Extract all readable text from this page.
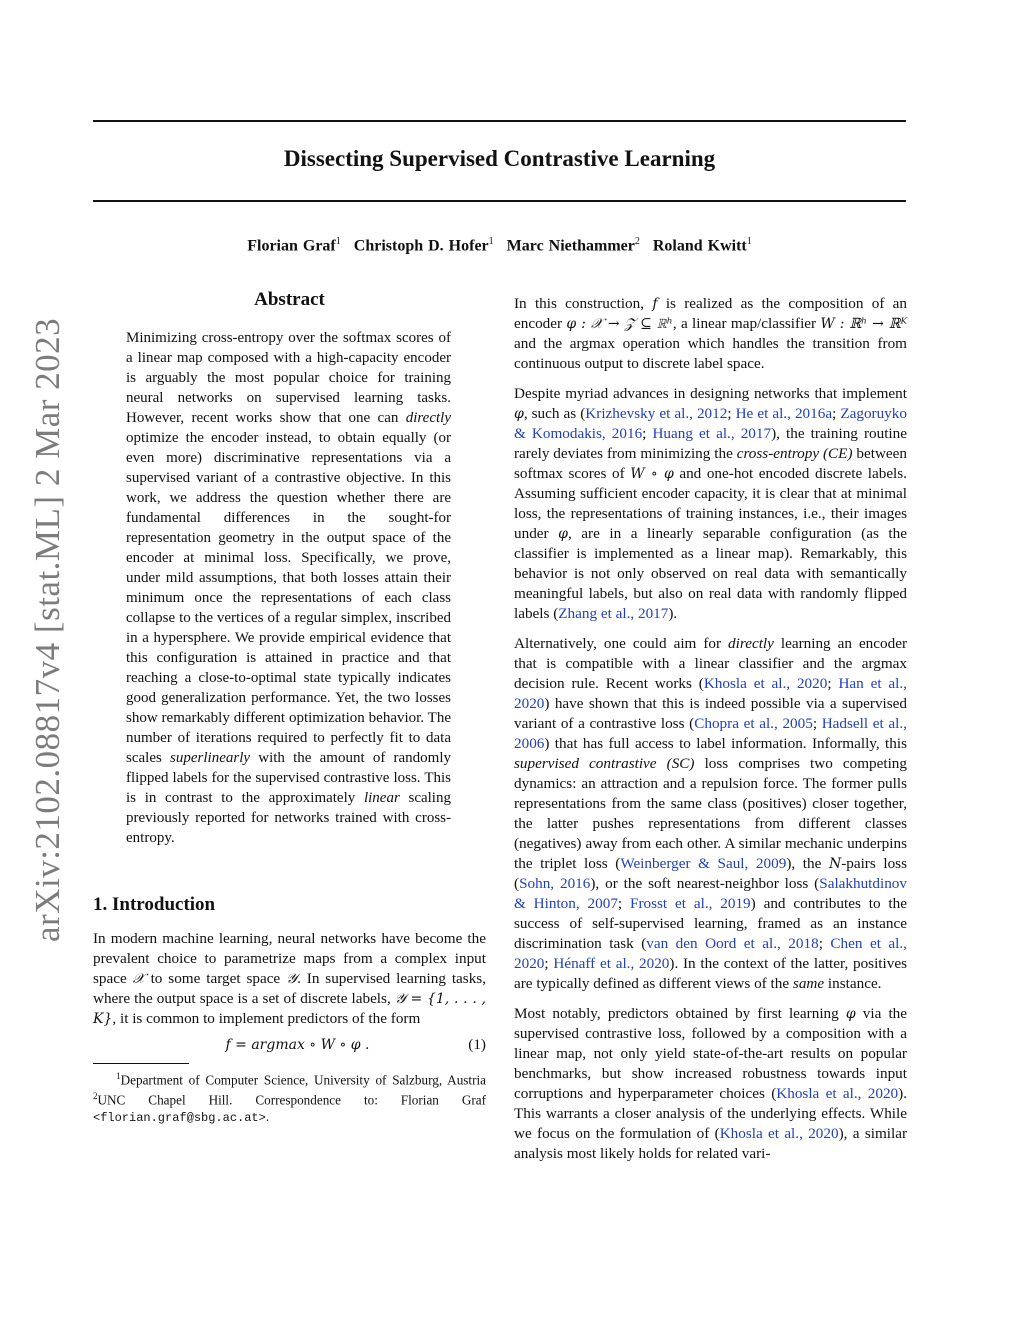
Dissecting Supervised Contrastive Learning
Florian Graf$^1$ Christoph D. Hofer$^1$ Marc Niethammer$^2$ Roland Kwitt$^1$
arXiv:2102.08817v4 [stat.ML] 2 Mar 2023
Abstract

Minimizing cross-entropy over the softmax scores of a linear map composed with a high-capacity encoder is arguably the most popular choice for training neural networks on supervised learning tasks. However, recent works show that one can directly optimize the encoder instead, to obtain equally (or even more) discriminative representations via a supervised variant of a contrastive objective. In this work, we address the question whether there are fundamental differences in the sought-for representation geometry in the output space of the encoder at minimal loss. Specifically, we prove, under mild assumptions, that both losses attain their minimum once the representations of each class collapse to the vertices of a regular simplex, inscribed in a hypersphere. We provide empirical evidence that this configuration is attained in practice and that reaching a close-to-optimal state typically indicates good generalization performance. Yet, the two losses show remarkably different optimization behavior. The number of iterations required to perfectly fit to data scales superlinearly with the amount of randomly flipped labels for the supervised contrastive loss. This is in contrast to the approximately linear scaling previously reported for networks trained with cross-entropy.

1. Introduction

In modern machine learning, neural networks have become the prevalent choice to parametrize maps from a complex input space 𝒳 to some target space 𝒴. In supervised learning tasks, where the output space is a set of discrete labels, 𝒴 = {1, . . . , K}, it is common to implement predictors of the form

f = argmax ∘ W ∘ φ .	(1)

$^1$Department of Computer Science, University of Salzburg, Austria $^2$UNC Chapel Hill. Correspondence to: Florian Graf <florian.graf@sbg.ac.at>.

In this construction, f is realized as the composition of an encoder φ : 𝒳 → 𝒵 ⊆ ℝʰ, a linear map/classifier W : ℝʰ → ℝᴷ and the argmax operation which handles the transition from continuous output to discrete label space.

Despite myriad advances in designing networks that implement φ, such as (Krizhevsky et al., 2012; He et al., 2016a; Zagoruyko & Komodakis, 2016; Huang et al., 2017), the training routine rarely deviates from minimizing the cross-entropy (CE) between softmax scores of W ∘ φ and one-hot encoded discrete labels. Assuming sufficient encoder capacity, it is clear that at minimal loss, the representations of training instances, i.e., their images under φ, are in a linearly separable configuration (as the classifier is implemented as a linear map). Remarkably, this behavior is not only observed on real data with semantically meaningful labels, but also on real data with randomly flipped labels (Zhang et al., 2017).

Alternatively, one could aim for directly learning an encoder that is compatible with a linear classifier and the argmax decision rule. Recent works (Khosla et al., 2020; Han et al., 2020) have shown that this is indeed possible via a supervised variant of a contrastive loss (Chopra et al., 2005; Hadsell et al., 2006) that has full access to label information. Informally, this supervised contrastive (SC) loss comprises two competing dynamics: an attraction and a repulsion force. The former pulls representations from the same class (positives) closer together, the latter pushes representations from different classes (negatives) away from each other. A similar mechanic underpins the triplet loss (Weinberger & Saul, 2009), the N-pairs loss (Sohn, 2016), or the soft nearest-neighbor loss (Salakhutdinov & Hinton, 2007; Frosst et al., 2019) and contributes to the success of self-supervised learning, framed as an instance discrimination task (van den Oord et al., 2018; Chen et al., 2020; Hénaff et al., 2020). In the context of the latter, positives are typically defined as different views of the same instance.

Most notably, predictors obtained by first learning φ via the supervised contrastive loss, followed by a composition with a linear map, not only yield state-of-the-art results on popular benchmarks, but show increased robustness towards input corruptions and hyperparameter choices (Khosla et al., 2020). This warrants a closer analysis of the underlying effects. While we focus on the formulation of (Khosla et al., 2020), a similar analysis most likely holds for related vari-
